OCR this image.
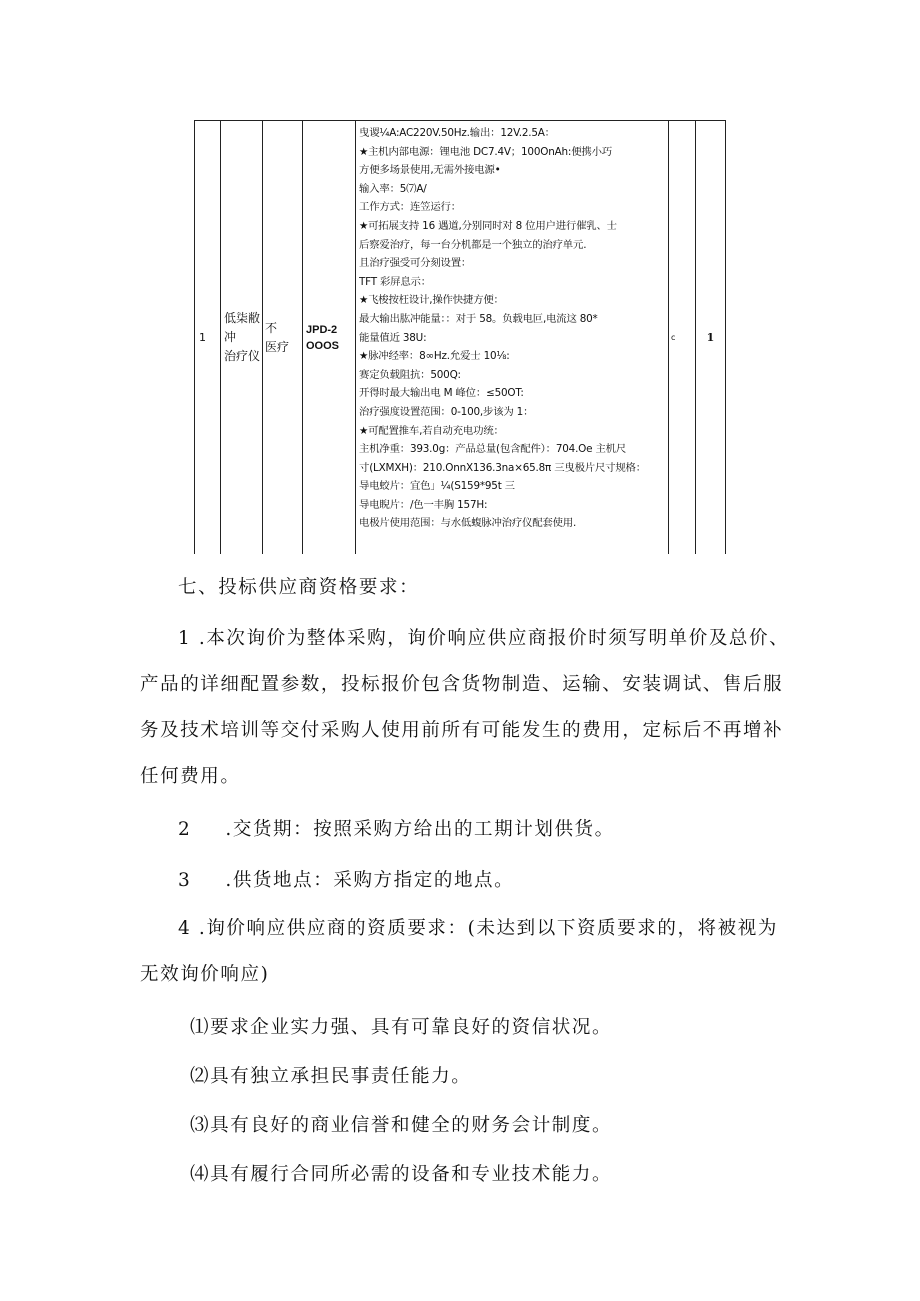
1
低柒敝
冲
治疗仪
不
医疗
JPD-2
OOOS
曳谡¼A:AC220V.50Hz.输出：12V.2.5A：
★主机内部电源：锂电池 DC7.4V；100OnAh:便携小巧
方便多场景使用,无需外接电源•
输入率：5⑺A/
工作方式：连笠运行：
★可拓展支持 16 遇道,分别同时对 8 位用户进行催乳、士
后察爱治疗，每一台分机都是一个独立的治疗单元.
且治疗强受可分刻设置：
TFT 彩屏息示：
★飞梭按枉设计,操作快捷方便：
最大输出肱冲能量：：对于 58。负载电叵,电流这 80*
能量值近 38U:
★脉冲经率：8∞Hz.允爱士 10⅛:
赛定负载阻抗：500Q:
开得时最大输出电 M 峰位：≤50OT:
治疗强度设置范围：0-100,步该为 1：
★可配置推车,若自动充电功统：
主机净重：393.0g：产品总量(包含配件）：704.Oe 主机尺
寸(LXMXH)：210.OnnX136.3na×65.8π 三曳极片尺寸规格：
导电蛟片：宜色」¼(S159*95t 三
导电睨片：/色一丰胸 157H:
电极片使用范围：与水低蝮脉冲治疗仪配套使用.
c	1

七、投标供应商资格要求：

1 .本次询价为整体采购，询价响应供应商报价时须写明单价及总价、

产品的详细配置参数，投标报价包含货物制造、运输、安装调试、售后服

务及技术培训等交付采购人使用前所有可能发生的费用，定标后不再增补

任何费用。

2 .交货期：按照采购方给出的工期计划供货。

3 .供货地点：采购方指定的地点。

4 .询价响应供应商的资质要求：(未达到以下资质要求的，将被视为

无效询价响应)

⑴要求企业实力强、具有可靠良好的资信状况。

⑵具有独立承担民事责任能力。

⑶具有良好的商业信誉和健全的财务会计制度。

⑷具有履行合同所必需的设备和专业技术能力。
